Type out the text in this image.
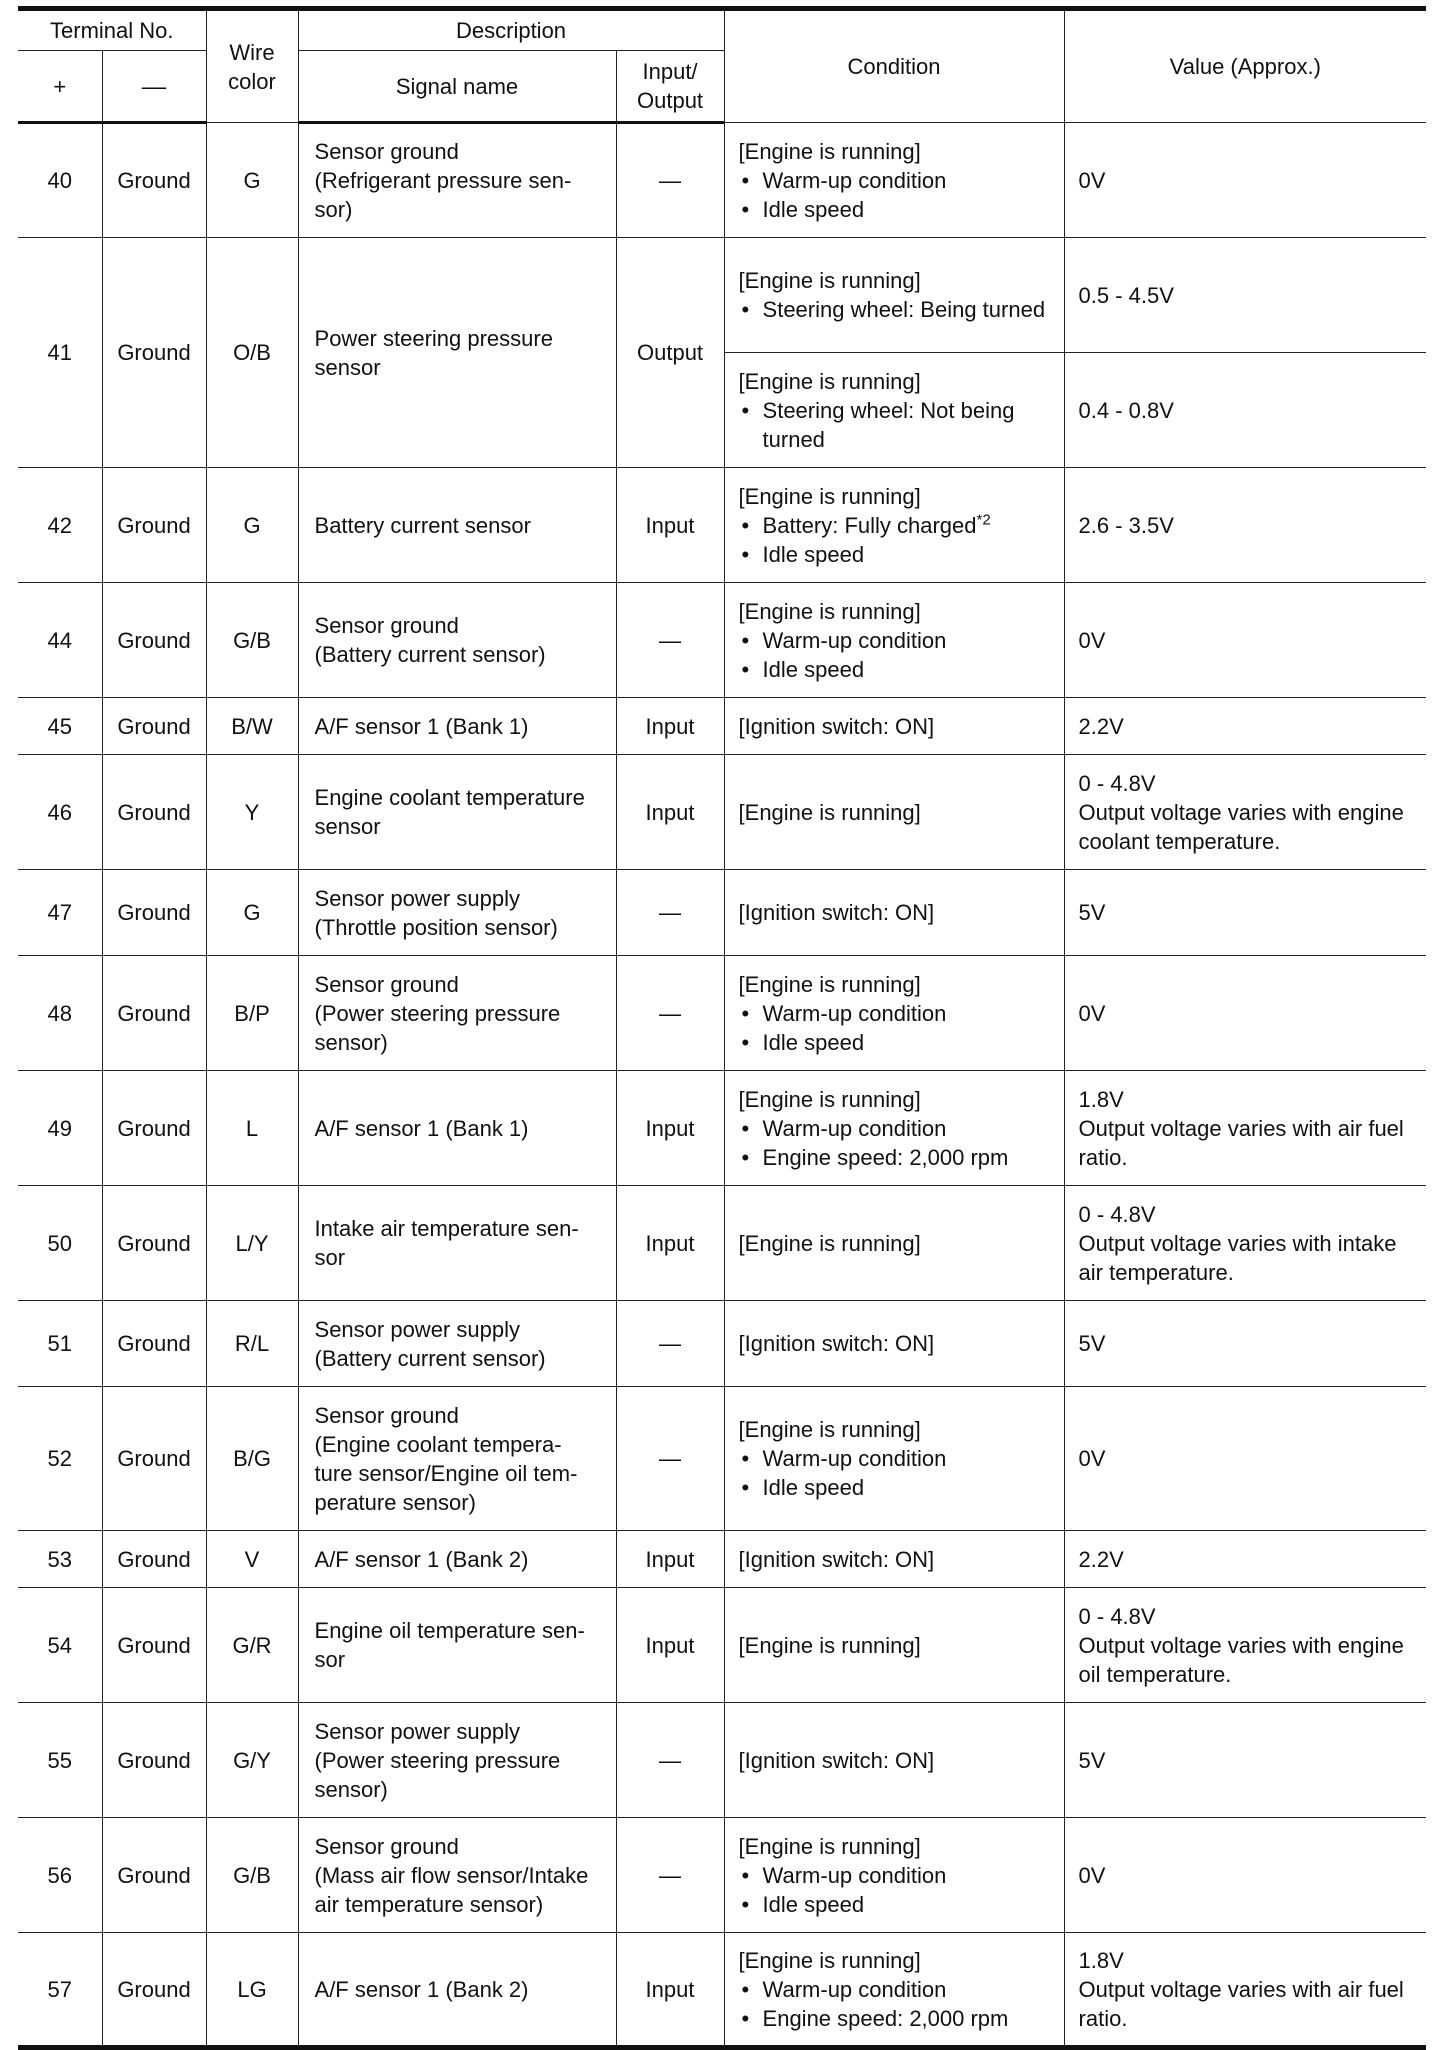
Terminal No.		Wire color	Description		Condition	Value (Approx.)
+	––		Signal name	Input/ Output		
40	Ground	G	Sensor ground
(Refrigerant pressure sen-
sor)	—	[Engine is running]
• Warm-up condition
• Idle speed	0V

41	Ground	O/B	Power steering pressure
sensor	Output	[Engine is running]
• Steering wheel: Being turned	0.5 - 4.5V

					[Engine is running]
• Steering wheel: Not being turned	0.4 - 0.8V

42	Ground	G	Battery current sensor	Input	[Engine is running]
• Battery: Fully charged$^{*2}$
• Idle speed	2.6 - 3.5V

44	Ground	G/B	Sensor ground
(Battery current sensor)	—	[Engine is running]
• Warm-up condition
• Idle speed	0V

45	Ground	B/W	A/F sensor 1 (Bank 1)	Input	[Ignition switch: ON]	2.2V

46	Ground	Y	Engine coolant temperature
sensor	Input	[Engine is running]	0 - 4.8V
Output voltage varies with engine
coolant temperature.

47	Ground	G	Sensor power supply
(Throttle position sensor)	—	[Ignition switch: ON]	5V

48	Ground	B/P	Sensor ground
(Power steering pressure
sensor)	—	[Engine is running]
• Warm-up condition
• Idle speed	0V

49	Ground	L	A/F sensor 1 (Bank 1)	Input	[Engine is running]
• Warm-up condition
• Engine speed: 2,000 rpm	1.8V
Output voltage varies with air fuel
ratio.

50	Ground	L/Y	Intake air temperature sen-
sor	Input	[Engine is running]	0 - 4.8V
Output voltage varies with intake
air temperature.

51	Ground	R/L	Sensor power supply
(Battery current sensor)	—	[Ignition switch: ON]	5V

52	Ground	B/G	Sensor ground
(Engine coolant tempera-
ture sensor/Engine oil tem-
perature sensor)	—	[Engine is running]
• Warm-up condition
• Idle speed	0V

53	Ground	V	A/F sensor 1 (Bank 2)	Input	[Ignition switch: ON]	2.2V

54	Ground	G/R	Engine oil temperature sen-
sor	Input	[Engine is running]	0 - 4.8V
Output voltage varies with engine
oil temperature.

55	Ground	G/Y	Sensor power supply
(Power steering pressure
sensor)	—	[Ignition switch: ON]	5V

56	Ground	G/B	Sensor ground
(Mass air flow sensor/Intake
air temperature sensor)	—	[Engine is running]
• Warm-up condition
• Idle speed	0V

57	Ground	LG	A/F sensor 1 (Bank 2)	Input	[Engine is running]
• Warm-up condition
• Engine speed: 2,000 rpm	1.8V
Output voltage varies with air fuel
ratio.
